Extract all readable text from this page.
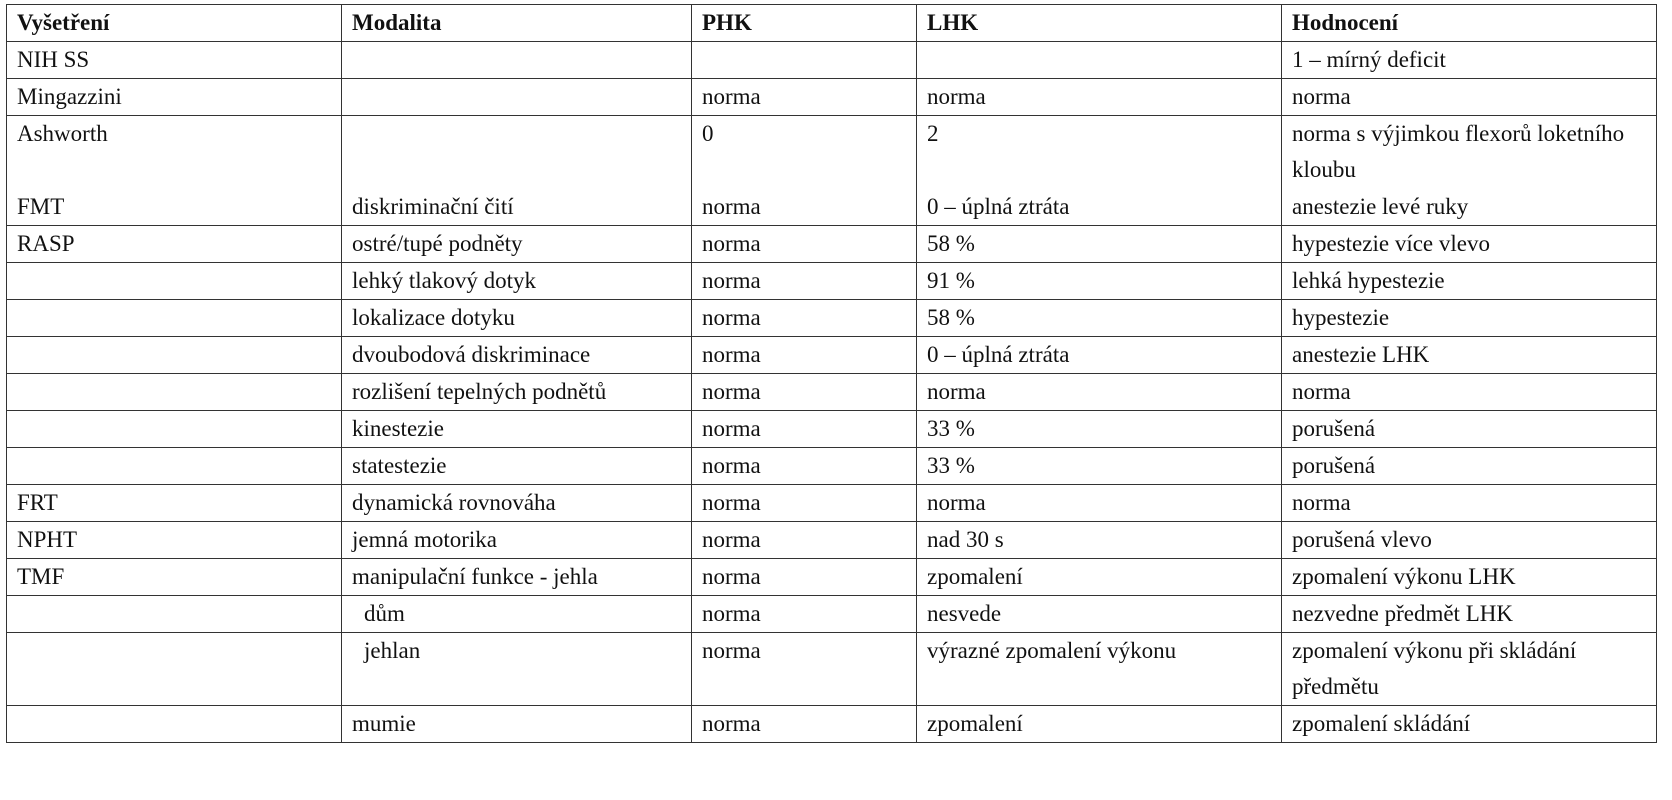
Vyšetření	Modalita	PHK	LHK	Hodnocení
NIH SS				1 – mírný deficit
Mingazzini		norma	norma	norma
Ashworth		0	2	norma s výjimkou flexorů loketního kloubu
FMT	diskriminační čití	norma	0 – úplná ztráta	anestezie levé ruky
RASP	ostré/tupé podněty	norma	58 %	hypestezie více vlevo
	lehký tlakový dotyk	norma	91 %	lehká hypestezie
	lokalizace dotyku	norma	58 %	hypestezie
	dvoubodová diskriminace	norma	0 – úplná ztráta	anestezie LHK
	rozlišení tepelných podnětů	norma	norma	norma
	kinestezie	norma	33 %	porušená
	statestezie	norma	33 %	porušená
FRT	dynamická rovnováha	norma	norma	norma
NPHT	jemná motorika	norma	nad 30 s	porušená vlevo
TMF	manipulační funkce - jehla	norma	zpomalení	zpomalení výkonu LHK
	dům	norma	nesvede	nezvedne předmět LHK
	jehlan	norma	výrazné zpomalení výkonu	zpomalení výkonu při skládání předmětu
	mumie	norma	zpomalení	zpomalení skládání
